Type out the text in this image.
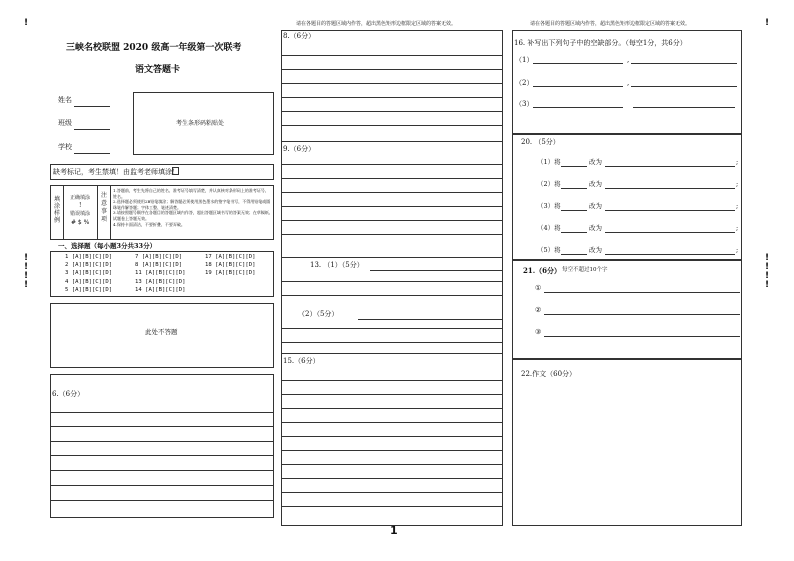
!	!
!
!
!
!
!
!
!
!
三峡名校联盟 2020 级高一年级第一次联考
语文答题卡
姓名
班级
学校
考生条形码粘贴处
缺考标记，考生禁填！由监考老师填涂！
填涂样例
正确填涂
!
错误填涂
# $ %
注意事项
1.答题前，考生先将自己的姓名、准考证号填写清楚，并认真核对条形码上的准考证号、
姓名。
2.选择题必须使用2B铅笔填涂；解答题必须使用黑色墨水的签字笔书写，不得用铅笔或圆珠笔作解答题；字体工整、笔迹清楚。
3.请按照题号顺序在各题目的答题区域内作答，超出答题区域书写的答案无效；在草稿纸、试题卷上答题无效。
4.保持卡面清洁，不要折叠、不要弄破。
一、选择题（每小题3分共33分）
1 [A][B][C][D]
2 [A][B][C][D]
3 [A][B][C][D]
4 [A][B][C][D]
5 [A][B][C][D]
7 [A][B][C][D]
8 [A][B][C][D]
11 [A][B][C][D]
13 [A][B][C][D]
14 [A][B][C][D]
17 [A][B][C][D]
18 [A][B][C][D]
19 [A][B][C][D]
此处不答题
6.（6分）
请在各题目的答题区域内作答，超出黑色矩形边框限定区域的答案无效。
8.（6分）
9.（6分）
13. （1）（5分）
（2）（5分）
15.（6分）
1
请在各题目的答题区域内作答，超出黑色矩形边框限定区域的答案无效。
16. 补写出下列句子中的空缺部分。（每空1分，共6分）
（1）
（2）
（3）
,
,
20. （5分）
（1）将	改为	;
（2）将	改为	;
（3）将	改为	;
（4）将	改为	;
（5）将	改为	;
21.（6分） 每空不超过10个字
①
②
③
22.作文（60分）
